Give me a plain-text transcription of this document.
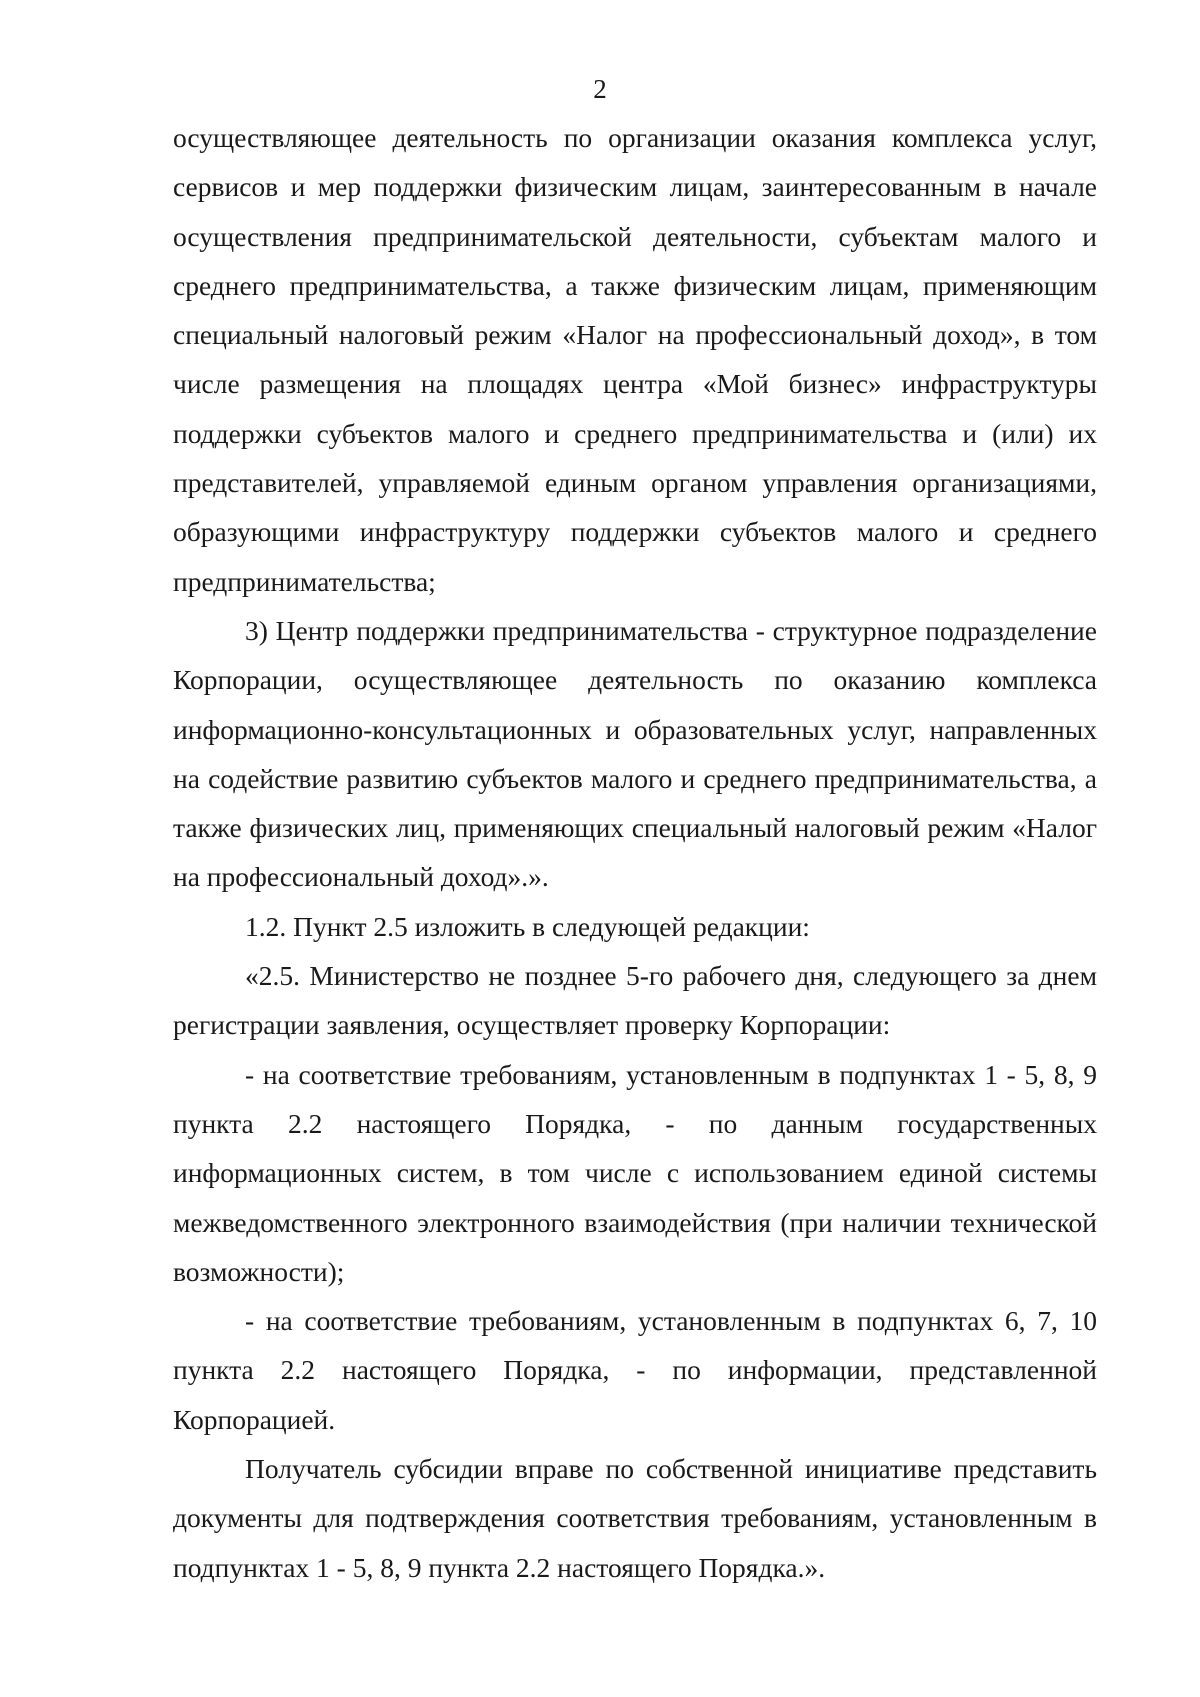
2

осуществляющее деятельность по организации оказания комплекса услуг, сервисов и мер поддержки физическим лицам, заинтересованным в начале осуществления предпринимательской деятельности, субъектам малого и среднего предпринимательства, а также физическим лицам, применяющим специальный налоговый режим «Налог на профессиональный доход», в том числе размещения на площадях центра «Мой бизнес» инфраструктуры поддержки субъектов малого и среднего предпринимательства и (или) их представителей, управляемой единым органом управления организациями, образующими инфраструктуру поддержки субъектов малого и среднего предпринимательства;

3) Центр поддержки предпринимательства - структурное подразделение Корпорации, осуществляющее деятельность по оказанию комплекса информационно-консультационных и образовательных услуг, направленных на содействие развитию субъектов малого и среднего предпринимательства, а также физических лиц, применяющих специальный налоговый режим «Налог на профессиональный доход».».

1.2. Пункт 2.5 изложить в следующей редакции:

«2.5. Министерство не позднее 5-го рабочего дня, следующего за днем регистрации заявления, осуществляет проверку Корпорации:

- на соответствие требованиям, установленным в подпунктах 1 - 5, 8, 9 пункта 2.2 настоящего Порядка, - по данным государственных информационных систем, в том числе с использованием единой системы межведомственного электронного взаимодействия (при наличии технической возможности);

- на соответствие требованиям, установленным в подпунктах 6, 7, 10 пункта 2.2 настоящего Порядка, - по информации, представленной Корпорацией.

Получатель субсидии вправе по собственной инициативе представить документы для подтверждения соответствия требованиям, установленным в подпунктах 1 - 5, 8, 9 пункта 2.2 настоящего Порядка.».
